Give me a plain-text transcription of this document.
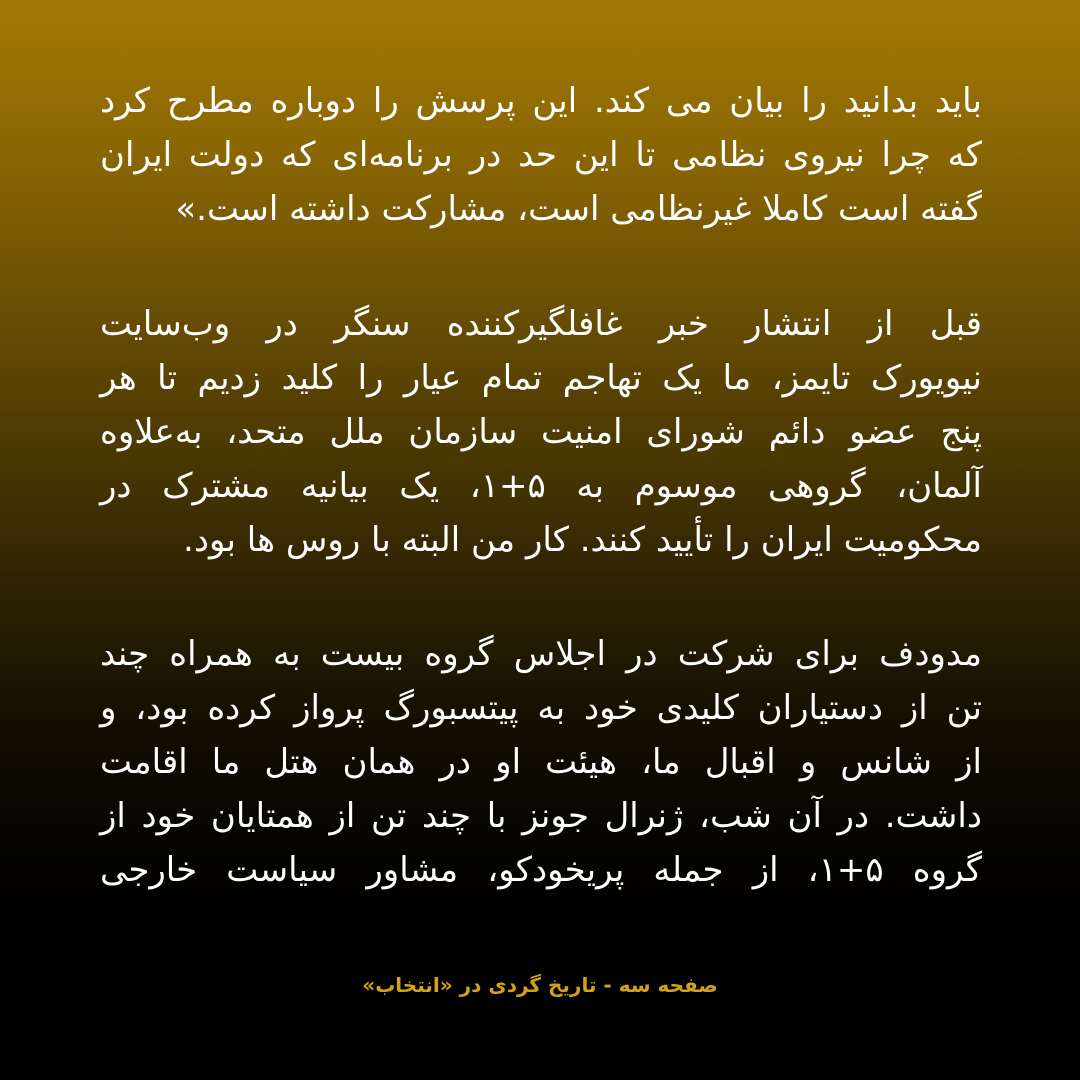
باید بدانید را بیان می کند. این پرسش را دوباره مطرح کرد
که چرا نیروی نظامی تا این حد در برنامه‌ای که دولت ایران
گفته است کاملا غیرنظامی است، مشارکت داشته است.»
قبل از انتشار خبر غافلگیرکننده سنگر در وب‌سایت
نیویورک تایمز، ما یک تهاجم تمام عیار را کلید زدیم تا هر
پنج عضو دائم شورای امنیت سازمان ملل متحد، به‌علاوه
آلمان، گروهی موسوم به ۵+۱، یک بیانیه مشترک در
محکومیت ایران را تأیید کنند. کار من البته با روس ها بود.
مدودف برای شرکت در اجلاس گروه بیست به همراه چند
تن از دستیاران کلیدی خود به پیتسبورگ پرواز کرده بود، و
از شانس و اقبال ما، هیئت او در همان هتل ما اقامت
داشت. در آن شب، ژنرال جونز با چند تن از همتایان خود از
گروه ۵+۱، از جمله پریخودکو، مشاور سیاست خارجی
صفحه سه - تاریخ گردی در «انتخاب»
